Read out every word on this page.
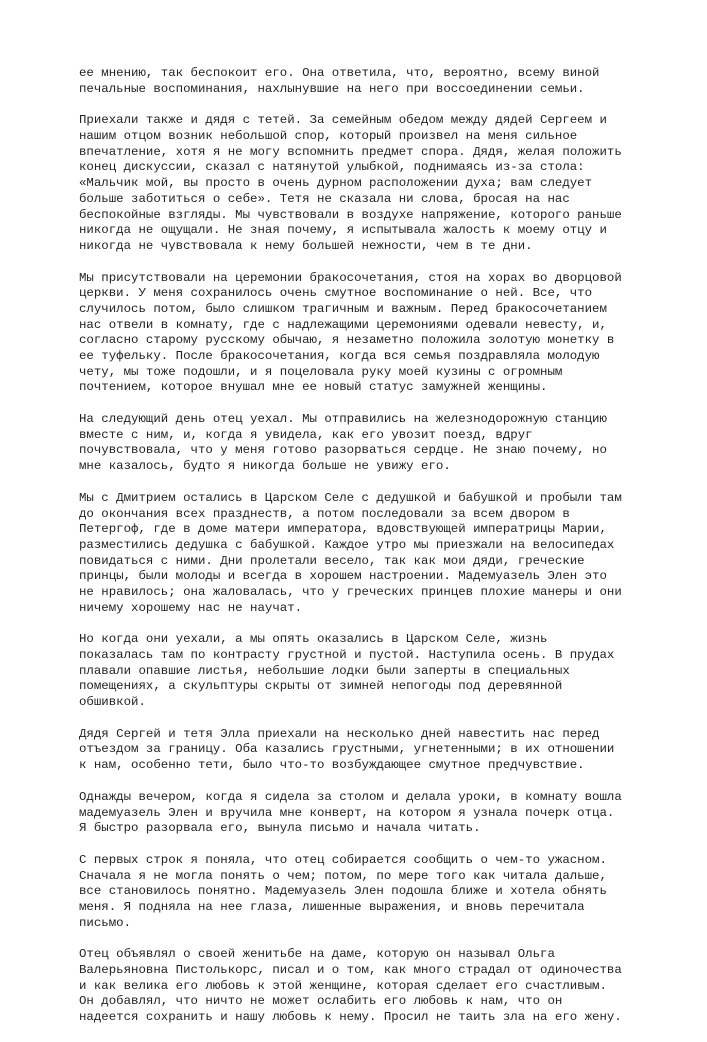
ее мнению, так беспокоит его. Она ответила, что, вероятно, всему виной
печальные воспоминания, нахлынувшие на него при воссоединении семьи.
Приехали также и дядя с тетей. За семейным обедом между дядей Сергеем и
нашим отцом возник небольшой спор, который произвел на меня сильное
впечатление, хотя я не могу вспомнить предмет спора. Дядя, желая положить
конец дискуссии, сказал с натянутой улыбкой, поднимаясь из-за стола:
«Мальчик мой, вы просто в очень дурном расположении духа; вам следует
больше заботиться о себе». Тетя не сказала ни слова, бросая на нас
беспокойные взгляды. Мы чувствовали в воздухе напряжение, которого раньше
никогда не ощущали. Не зная почему, я испытывала жалость к моему отцу и
никогда не чувствовала к нему большей нежности, чем в те дни.
Мы присутствовали на церемонии бракосочетания, стоя на хорах во дворцовой
церкви. У меня сохранилось очень смутное воспоминание о ней. Все, что
случилось потом, было слишком трагичным и важным. Перед бракосочетанием
нас отвели в комнату, где с надлежащими церемониями одевали невесту, и,
согласно старому русскому обычаю, я незаметно положила золотую монетку в
ее туфельку. После бракосочетания, когда вся семья поздравляла молодую
чету, мы тоже подошли, и я поцеловала руку моей кузины с огромным
почтением, которое внушал мне ее новый статус замужней женщины.
На следующий день отец уехал. Мы отправились на железнодорожную станцию
вместе с ним, и, когда я увидела, как его увозит поезд, вдруг
почувствовала, что у меня готово разорваться сердце. Не знаю почему, но
мне казалось, будто я никогда больше не увижу его.
Мы с Дмитрием остались в Царском Селе с дедушкой и бабушкой и пробыли там
до окончания всех празднеств, а потом последовали за всем двором в
Петергоф, где в доме матери императора, вдовствующей императрицы Марии,
разместились дедушка с бабушкой. Каждое утро мы приезжали на велосипедах
повидаться с ними. Дни пролетали весело, так как мои дяди, греческие
принцы, были молоды и всегда в хорошем настроении. Мадемуазель Элен это
не нравилось; она жаловалась, что у греческих принцев плохие манеры и они
ничему хорошему нас не научат.
Но когда они уехали, а мы опять оказались в Царском Селе, жизнь
показалась там по контрасту грустной и пустой. Наступила осень. В прудах
плавали опавшие листья, небольшие лодки были заперты в специальных
помещениях, а скульптуры скрыты от зимней непогоды под деревянной
обшивкой.
Дядя Сергей и тетя Элла приехали на несколько дней навестить нас перед
отъездом за границу. Оба казались грустными, угнетенными; в их отношении
к нам, особенно тети, было что-то возбуждающее смутное предчувствие.
Однажды вечером, когда я сидела за столом и делала уроки, в комнату вошла
мадемуазель Элен и вручила мне конверт, на котором я узнала почерк отца.
Я быстро разорвала его, вынула письмо и начала читать.
С первых строк я поняла, что отец собирается сообщить о чем-то ужасном.
Сначала я не могла понять о чем; потом, по мере того как читала дальше,
все становилось понятно. Мадемуазель Элен подошла ближе и хотела обнять
меня. Я подняла на нее глаза, лишенные выражения, и вновь перечитала
письмо.
Отец объявлял о своей женитьбе на даме, которую он называл Ольга
Валерьяновна Пистолькорс, писал и о том, как много страдал от одиночества
и как велика его любовь к этой женщине, которая сделает его счастливым.
Он добавлял, что ничто не может ослабить его любовь к нам, что он
надеется сохранить и нашу любовь к нему. Просил не таить зла на его жену.
